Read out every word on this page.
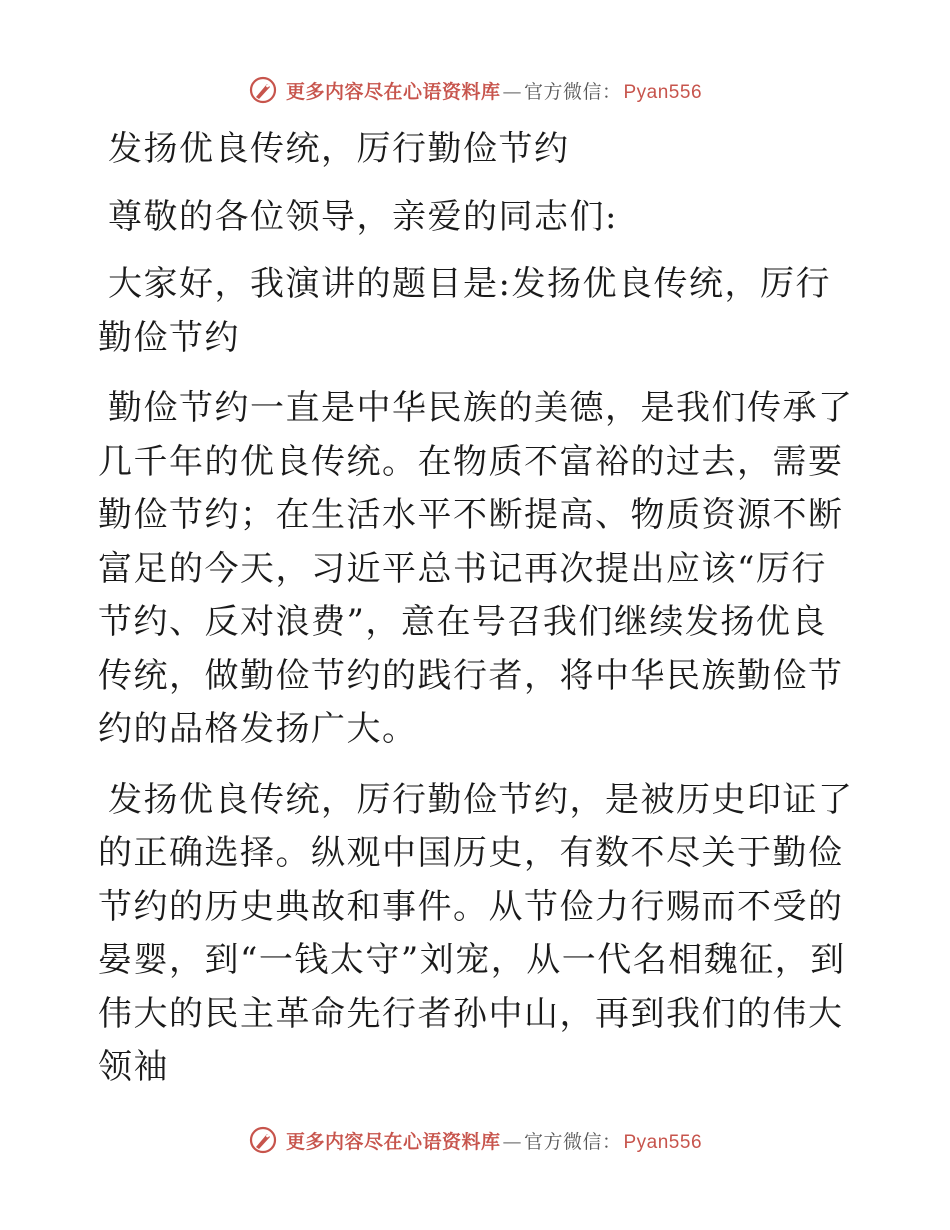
更多内容尽在心语资料库 — 官方微信： Pyan556

发扬优良传统，厉行勤俭节约

尊敬的各位领导，亲爱的同志们:

大家好，我演讲的题目是:发扬优良传统，厉行勤俭节约

勤俭节约一直是中华民族的美德，是我们传承了几千年的优良传统。在物质不富裕的过去，需要勤俭节约；在生活水平不断提高、物质资源不断富足的今天，习近平总书记再次提出应该“厉行节约、反对浪费”，意在号召我们继续发扬优良传统，做勤俭节约的践行者，将中华民族勤俭节约的品格发扬广大。

发扬优良传统，厉行勤俭节约，是被历史印证了的正确选择。纵观中国历史，有数不尽关于勤俭节约的历史典故和事件。从节俭力行赐而不受的晏婴，到“一钱太守”刘宠，从一代名相魏征，到伟大的民主革命先行者孙中山，再到我们的伟大领袖

更多内容尽在心语资料库 — 官方微信： Pyan556
